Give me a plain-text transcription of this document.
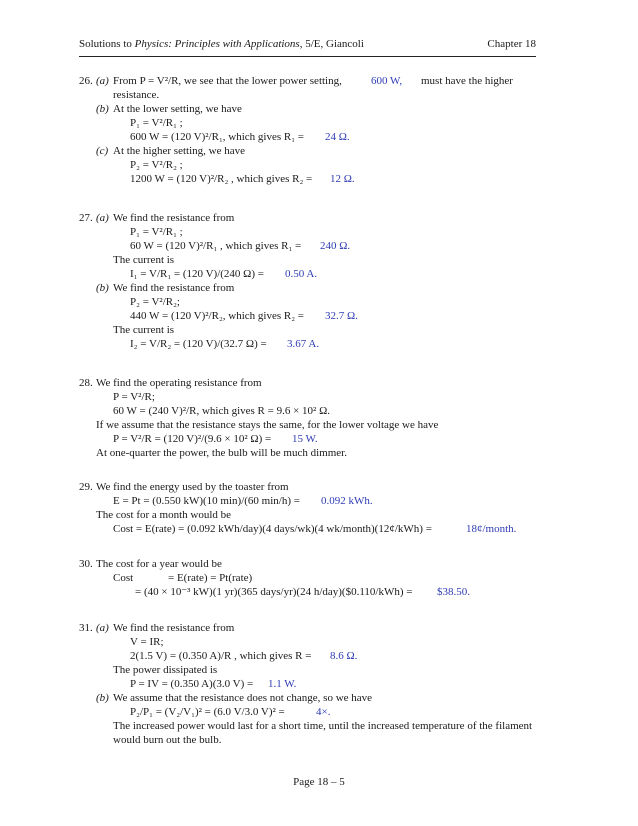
Solutions to Physics: Principles with Applications, 5/E, Giancoli	Chapter 18
26. (a) From P = V²/R, we see that the lower power setting,	600 W, must have the higher
resistance.
(b) At the lower setting, we have
P₁ = V²/R₁ ;
600 W = (120 V)²/R₁, which gives R₁ = 24 Ω.
(c) At the higher setting, we have
P₂ = V²/R₂ ;
1200 W = (120 V)²/R₂ , which gives R₂ = 12 Ω.
27. (a) We find the resistance from
P₁ = V²/R₁ ;
60 W = (120 V)²/R₁ , which gives R₁ = 240 Ω.
The current is
I₁ = V/R₁ = (120 V)/(240 Ω) = 0.50 A.
(b) We find the resistance from
P₂ = V²/R₂;
440 W = (120 V)²/R₂, which gives R₂ = 32.7 Ω.
The current is
I₂ = V/R₂ = (120 V)/(32.7 Ω) = 3.67 A.
28. We find the operating resistance from
P = V²/R;
60 W = (240 V)²/R, which gives R = 9.6 × 10² Ω.
If we assume that the resistance stays the same, for the lower voltage we have
P = V²/R = (120 V)²/(9.6 × 10² Ω) = 15 W.
At one-quarter the power, the bulb will be much dimmer.
29. We find the energy used by the toaster from
E = Pt = (0.550 kW)(10 min)/(60 min/h) = 0.092 kWh.
The cost for a month would be
Cost = E(rate) = (0.092 kWh/day)(4 days/wk)(4 wk/month)(12¢/kWh) =	18¢/month.
30. The cost for a year would be
Cost	= E(rate) = Pt(rate)
= (40 × 10⁻³ kW)(1 yr)(365 days/yr)(24 h/day)($0.110/kWh) = $38.50.
31. (a) We find the resistance from
V = IR;
2(1.5 V) = (0.350 A)/R , which gives R = 8.6 Ω.
The power dissipated is
P = IV = (0.350 A)(3.0 V) = 1.1 W.
(b) We assume that the resistance does not change, so we have
P₂/P₁ = (V₂/V₁)² = (6.0 V/3.0 V)² =	4×.
The increased power would last for a short time, until the increased temperature of the filament
would burn out the bulb.
Page 18 – 5
